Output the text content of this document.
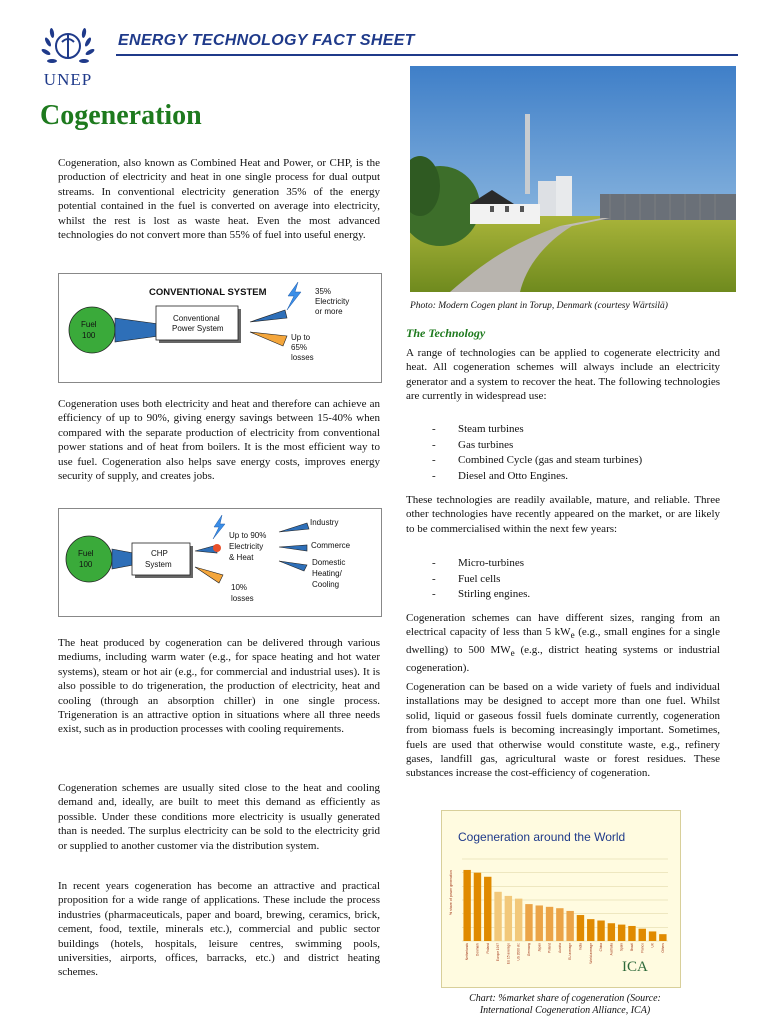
UNEP
ENERGY TECHNOLOGY FACT SHEET
Cogeneration
Cogeneration, also known as Combined Heat and Power, or CHP, is the production of electricity and heat in one single process for dual output streams. In conventional electricity generation 35% of the energy potential contained in the fuel is converted on average into electricity, whilst the rest is lost as waste heat. Even the most advanced technologies do not convert more than 55% of fuel into useful energy.
CONVENTIONAL SYSTEM
Fuel
100
Conventional
Power System
35%
Electricity
or more
Up to
65%
losses
Cogeneration uses both electricity and heat and therefore can achieve an efficiency of up to 90%, giving energy savings between 15-40% when compared with the separate production of electricity from conventional power stations and of heat from boilers. It is the most efficient way to use fuel. Cogeneration also helps save energy costs, improves energy security of supply, and creates jobs.
Fuel
100
CHP
System
Up to 90%
Electricity
& Heat
10%
losses
Industry
Commerce
Domestic
Heating/
Cooling
The heat produced by cogeneration can be delivered through various mediums, including warm water (e.g., for space heating and hot water systems), steam or hot air (e.g., for commercial and industrial uses). It is also possible to do trigeneration, the production of electricity, heat and cooling (through an absorption chiller) in one single process. Trigeneration is an attractive option in situations where all three needs exist, such as in production processes with cooling requirements.
Cogeneration schemes are usually sited close to the heat and cooling demand and, ideally, are built to meet this demand as efficiently as possible. Under these conditions more electricity is usually generated than is needed. The surplus electricity can be sold to the electricity grid or supplied to another customer via the distribution system.
In recent years cogeneration has become an attractive and practical proposition for a wide range of applications. These include the process industries (pharmaceuticals, paper and board, brewing, ceramics, brick, cement, food, textile, minerals etc.), commercial and public sector buildings (hotels, hospitals, leisure centres, swimming pools, universities, airports, offices, barracks, etc.) and district heating schemes.
Photo: Modern Cogen plant in Torup, Denmark (courtesy Wärtsilä)
The Technology
A range of technologies can be applied to cogenerate electricity and heat. All cogeneration schemes will always include an electricity generator and a system to recover the heat. The following technologies are currently in widespread use:
- Steam turbines
- Gas turbines
- Combined Cycle (gas and steam turbines)
- Diesel and Otto Engines.
These technologies are readily available, mature, and reliable. Three other technologies have recently appeared on the market, or are likely to be commercialised within the next few years:
- Micro-turbines
- Fuel cells
- Stirling engines.
Cogeneration schemes can have different sizes, ranging from an electrical capacity of less than 5 $kW_e$ (e.g., small engines for a single dwelling) to 500 $MW_e$ (e.g., district heating systems or industrial cogeneration).
Cogeneration can be based on a wide variety of fuels and individual installations may be designed to accept more than one fuel. Whilst solid, liquid or gaseous fossil fuels dominate currently, cogeneration from biomass fuels is becoming increasingly important. Sometimes, fuels are used that otherwise would constitute waste, e.g., refinery gases, landfill gas, agricultural waste or forest residues. These substances increase the cost-efficiency of cogeneration.
Cogeneration around the World
% share of power generation
Netherlands Denmark Finland Europe 1997 EU 15 average US 2000 etc Germany Japan Poland Austria EU average India World average China Australia Spain Brazil France UK Others
ICA
Chart: %market share of cogeneration (Source:
International Cogeneration Alliance, ICA)
